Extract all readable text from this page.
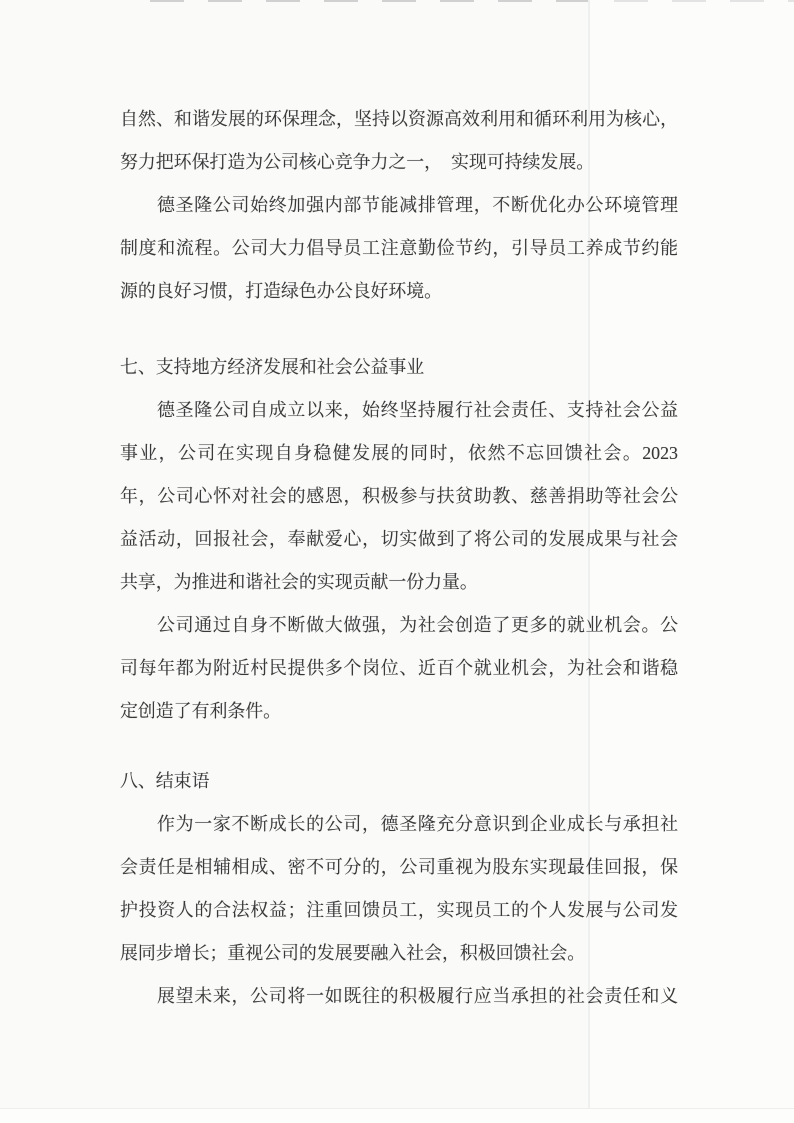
自然、和谐发展的环保理念，坚持以资源高效利用和循环利用为核心，
努力把环保打造为公司核心竞争力之一，　实现可持续发展。
德圣隆公司始终加强内部节能减排管理，不断优化办公环境管理
制度和流程。公司大力倡导员工注意勤俭节约，引导员工养成节约能
源的良好习惯，打造绿色办公良好环境。
七、支持地方经济发展和社会公益事业
德圣隆公司自成立以来，始终坚持履行社会责任、支持社会公益
事业，公司在实现自身稳健发展的同时，依然不忘回馈社会。2023
年，公司心怀对社会的感恩，积极参与扶贫助教、慈善捐助等社会公
益活动，回报社会，奉献爱心，切实做到了将公司的发展成果与社会
共享，为推进和谐社会的实现贡献一份力量。
公司通过自身不断做大做强，为社会创造了更多的就业机会。公
司每年都为附近村民提供多个岗位、近百个就业机会，为社会和谐稳
定创造了有利条件。
八、结束语
作为一家不断成长的公司，德圣隆充分意识到企业成长与承担社
会责任是相辅相成、密不可分的，公司重视为股东实现最佳回报，保
护投资人的合法权益；注重回馈员工，实现员工的个人发展与公司发
展同步增长；重视公司的发展要融入社会，积极回馈社会。
展望未来，公司将一如既往的积极履行应当承担的社会责任和义
